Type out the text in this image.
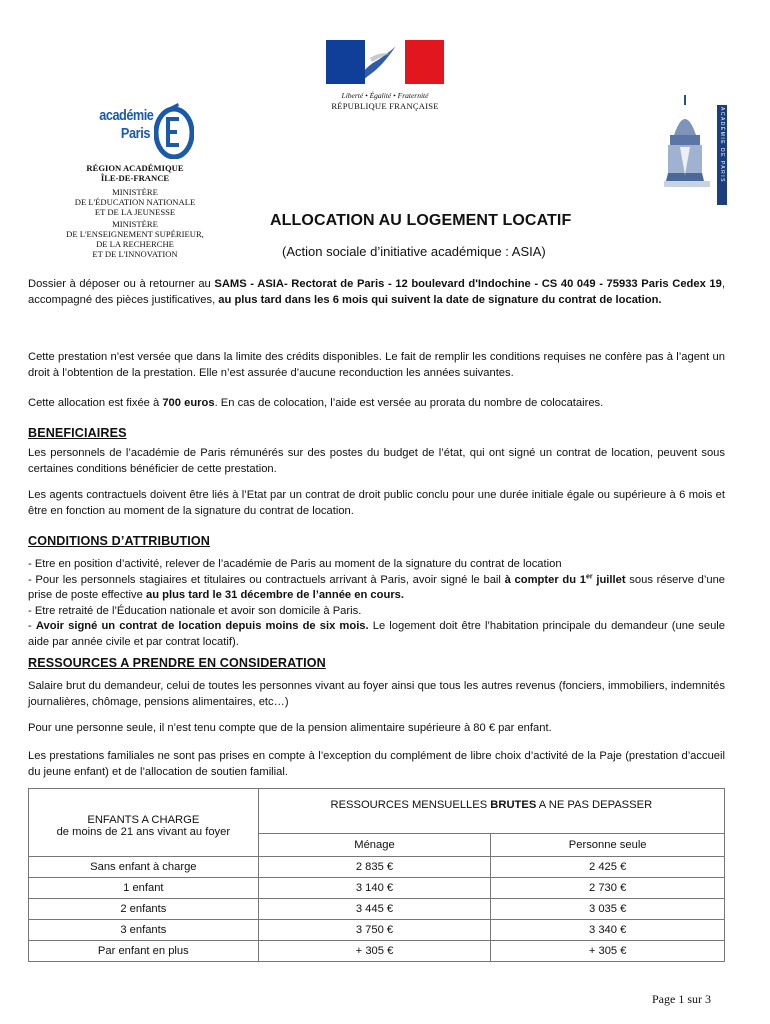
Liberté • Égalité • Fraternité
RÉPUBLIQUE FRANÇAISE
académie
Paris
RÉGION ACADÉMIQUE
ÎLE-DE-FRANCE
MINISTÈRE
DE L'ÉDUCATION NATIONALE
ET DE LA JEUNESSE
MINISTÈRE
DE L'ENSEIGNEMENT SUPÉRIEUR,
DE LA RECHERCHE
ET DE L'INNOVATION
ACADÉMIE DE PARIS
ALLOCATION AU LOGEMENT LOCATIF
(Action sociale d’initiative académique : ASIA)
Dossier à déposer ou à retourner au SAMS - ASIA- Rectorat de Paris - 12 boulevard d'Indochine - CS 40 049 - 75933 Paris Cedex 19, accompagné des pièces justificatives, au plus tard dans les 6 mois qui suivent la date de signature du contrat de location.
Cette prestation n’est versée que dans la limite des crédits disponibles. Le fait de remplir les conditions requises ne confère pas à l’agent un droit à l’obtention de la prestation. Elle n’est assurée d’aucune reconduction les années suivantes.
Cette allocation est fixée à 700 euros. En cas de colocation, l’aide est versée au prorata du nombre de colocataires.
BENEFICIAIRES
Les personnels de l’académie de Paris rémunérés sur des postes du budget de l’état, qui ont signé un contrat de location, peuvent sous certaines conditions bénéficier de cette prestation.
Les agents contractuels doivent être liés à l’Etat par un contrat de droit public conclu pour une durée initiale égale ou supérieure à 6 mois et être en fonction au moment de la signature du contrat de location.
CONDITIONS D’ATTRIBUTION
- Etre en position d’activité, relever de l’académie de Paris au moment de la signature du contrat de location
- Pour les personnels stagiaires et titulaires ou contractuels arrivant à Paris, avoir signé le bail à compter du 1er juillet sous réserve d’une prise de poste effective au plus tard le 31 décembre de l’année en cours.
- Etre retraité de l’Éducation nationale et avoir son domicile à Paris.
- Avoir signé un contrat de location depuis moins de six mois. Le logement doit être l’habitation principale du demandeur (une seule aide par année civile et par contrat locatif).
RESSOURCES A PRENDRE EN CONSIDERATION
Salaire brut du demandeur, celui de toutes les personnes vivant au foyer ainsi que tous les autres revenus (fonciers, immobiliers, indemnités journalières, chômage, pensions alimentaires, etc…)
Pour une personne seule, il n’est tenu compte que de la pension alimentaire supérieure à 80 € par enfant.
Les prestations familiales ne sont pas prises en compte à l’exception du complément de libre choix d’activité de la Paje (prestation d’accueil du jeune enfant) et de l’allocation de soutien familial.
ENFANTS A CHARGE
de moins de 21 ans vivant au foyer	RESSOURCES MENSUELLES BRUTES A NE PAS DEPASSER	
	Ménage	Personne seule
Sans enfant à charge	2 835 €	2 425 €
1 enfant	3 140 €	2 730 €
2 enfants	3 445 €	3 035 €
3 enfants	3 750 €	3 340 €
Par enfant en plus	+ 305 €	+ 305 €
Page 1 sur 3
